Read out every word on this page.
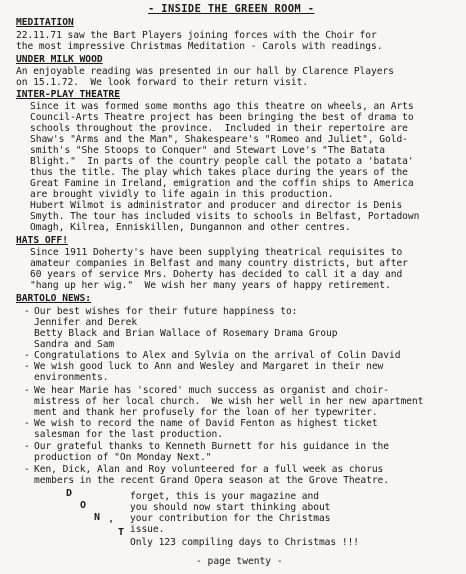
- INSIDE THE GREEN ROOM -
MEDITATION
22.11.71 saw the Bart Players joining forces with the Choir for
the most impressive Christmas Meditation - Carols with readings.
UNDER MILK WOOD
An enjoyable reading was presented in our hall by Clarence Players
on 15.1.72.  We look forward to their return visit.
INTER-PLAY THEATRE
Since it was formed some months ago this theatre on wheels, an Arts
Council-Arts Theatre project has been bringing the best of drama to
schools throughout the province.  Included in their repertoire are
Shaw's "Arms and the Man", Shakespeare's "Romeo and Juliet", Gold-
smith's "She Stoops to Conquer" and Stewart Love's "The Batata
Blight."  In parts of the country people call the potato a 'batata'
thus the title. The play which takes place during the years of the
Great Famine in Ireland, emigration and the coffin ships to America
are brought vividly to life again in this production.
Hubert Wilmot is administrator and producer and director is Denis
Smyth. The tour has included visits to schools in Belfast, Portadown
Omagh, Kilrea, Enniskillen, Dungannon and other centres.
HATS OFF!
Since 1911 Doherty's have been supplying theatrical requisites to
amateur companies in Belfast and many country districts, but after
60 years of service Mrs. Doherty has decided to call it a day and
"hang up her wig."  We wish her many years of happy retirement.
BARTOLO NEWS:
- Our best wishes for their future happiness to:
Jennifer and Derek
Betty Black and Brian Wallace of Rosemary Drama Group
Sandra and Sam
- Congratulations to Alex and Sylvia on the arrival of Colin David
- We wish good luck to Ann and Wesley and Margaret in their new
environments.
- We hear Marie has 'scored' much success as organist and choir-
mistress of her local church.  We wish her well in her new apartment
ment and thank her profusely for the loan of her typewriter.
- We wish to record the name of David Fenton as highest ticket
salesman for the last production.
- Our grateful thanks to Kenneth Burnett for his guidance in the
production of "On Monday Next."
- Ken, Dick, Alan and Roy volunteered for a full week as chorus
members in the recent Grand Opera season at the Grove Theatre.
D
O
N
'
T
forget, this is your magazine and
you should now start thinking about
your contribution for the Christmas
issue.
Only 123 compiling days to Christmas !!!
- page twenty -
